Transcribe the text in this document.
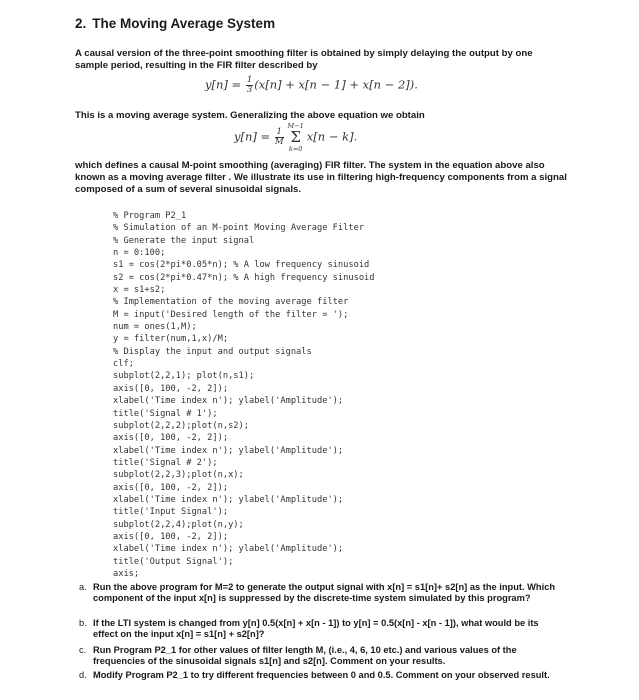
2. The Moving Average System
A causal version of the three-point smoothing filter is obtained by simply delaying the output by one sample period, resulting in the FIR filter described by
$y[n] = \frac{1}{3} (x[n] + x[n - 1] + x[n - 2])$.
This is a moving average system. Generalizing the above equation we obtain
$y[n] = \frac{1}{M}$
M−1
Σ
k=0
x[n − k].
which defines a causal M-point smoothing (averaging) FIR filter. The system in the equation above also known as a moving average filter . We illustrate its use in filtering high-frequency components from a signal composed of a sum of several sinusoidal signals.
% Program P2_1
% Simulation of an M-point Moving Average Filter
% Generate the input signal
n = 0:100;
s1 = cos(2*pi*0.05*n); % A low frequency sinusoid
s2 = cos(2*pi*0.47*n); % A high frequency sinusoid
x = s1+s2;
% Implementation of the moving average filter
M = input('Desired length of the filter = ');
num = ones(1,M);
y = filter(num,1,x)/M;
% Display the input and output signals
clf;
subplot(2,2,1); plot(n,s1);
axis([0, 100, -2, 2]);
xlabel('Time index n'); ylabel('Amplitude');
title('Signal # 1');
subplot(2,2,2);plot(n,s2);
axis([0, 100, -2, 2]);
xlabel('Time index n'); ylabel('Amplitude');
title('Signal # 2');
subplot(2,2,3);plot(n,x);
axis([0, 100, -2, 2]);
xlabel('Time index n'); ylabel('Amplitude');
title('Input Signal');
subplot(2,2,4);plot(n,y);
axis([0, 100, -2, 2]);
xlabel('Time index n'); ylabel('Amplitude');
title('Output Signal');
axis;
a. Run the above program for M=2 to generate the output signal with x[n] = s1[n]+ s2[n] as the input. Which component of the input x[n] is suppressed by the discrete-time system simulated by this program?
b. If the LTI system is changed from y[n] 0.5(x[n] + x[n - 1]) to y[n] = 0.5(x[n] - x[n - 1]), what would be its effect on the input x[n] = s1[n] + s2[n]?
c. Run Program P2_1 for other values of filter length M, (i.e., 4, 6, 10 etc.) and various values of the frequencies of the sinusoidal signals s1[n] and s2[n]. Comment on your results.
d. Modify Program P2_1 to try different frequencies between 0 and 0.5. Comment on your observed result.
